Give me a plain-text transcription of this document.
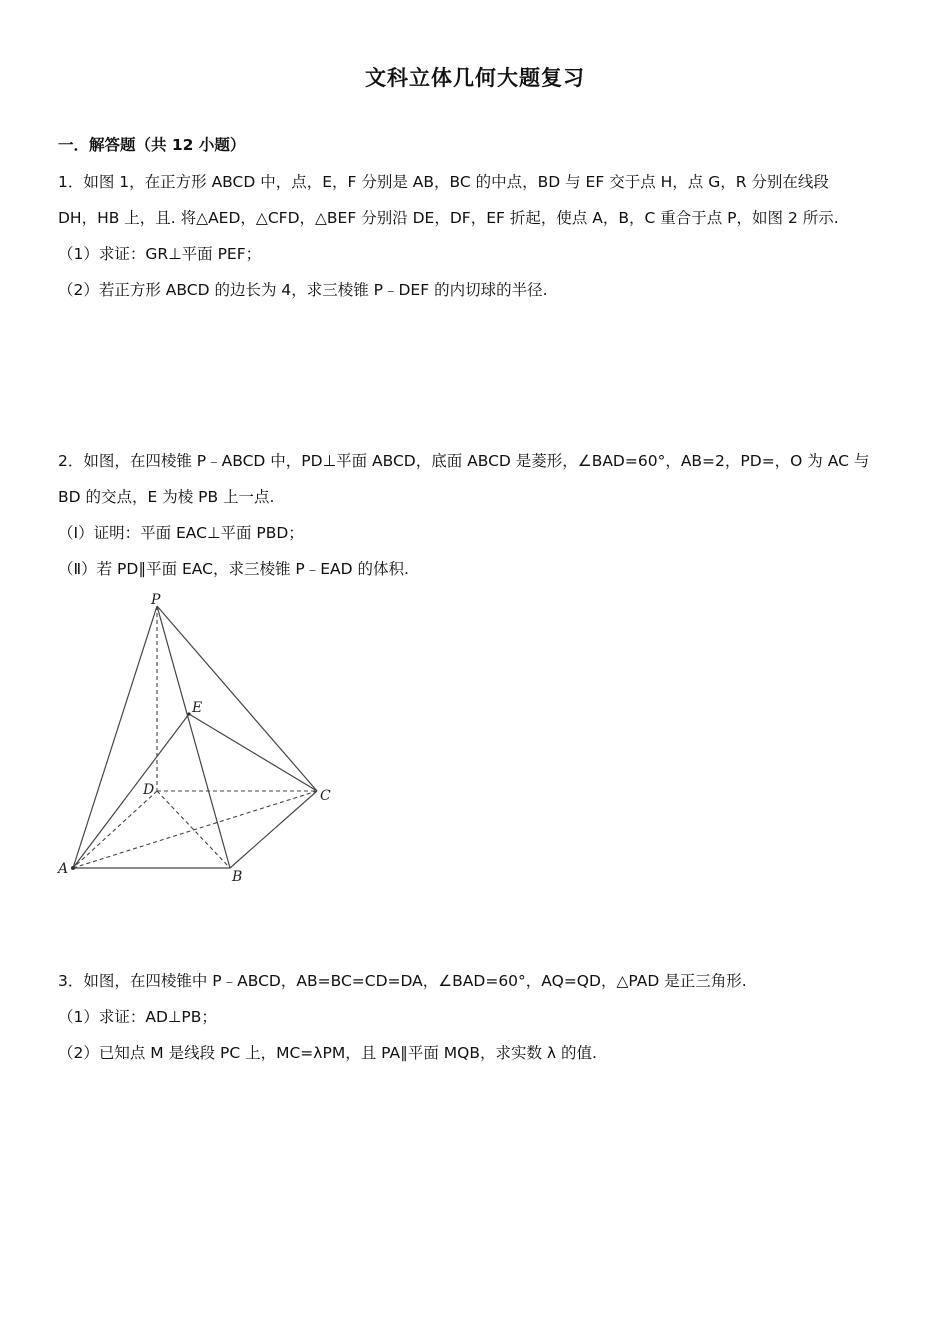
文科立体几何大题复习
一．解答题（共 12 小题）
1．如图 1，在正方形 ABCD 中，点，E，F 分别是 AB，BC 的中点，BD 与 EF 交于点 H，点 G，R 分别在线段
DH，HB 上，且. 将△AED，△CFD，△BEF 分别沿 DE，DF，EF 折起，使点 A，B，C 重合于点 P，如图 2 所示.
（1）求证：GR⊥平面 PEF；
（2）若正方形 ABCD 的边长为 4，求三棱锥 P﹣DEF 的内切球的半径.
2．如图，在四棱锥 P﹣ABCD 中，PD⊥平面 ABCD，底面 ABCD 是菱形，∠BAD=60°，AB=2，PD=，O 为 AC 与
BD 的交点，E 为棱 PB 上一点.
（Ⅰ）证明：平面 EAC⊥平面 PBD；
（Ⅱ）若 PD∥平面 EAC，求三棱锥 P﹣EAD 的体积.
P
E
D	C
A	B
3．如图，在四棱锥中 P﹣ABCD，AB=BC=CD=DA，∠BAD=60°，AQ=QD，△PAD 是正三角形.
（1）求证：AD⊥PB；
（2）已知点 M 是线段 PC 上，MC=λPM，且 PA∥平面 MQB，求实数 λ 的值.
